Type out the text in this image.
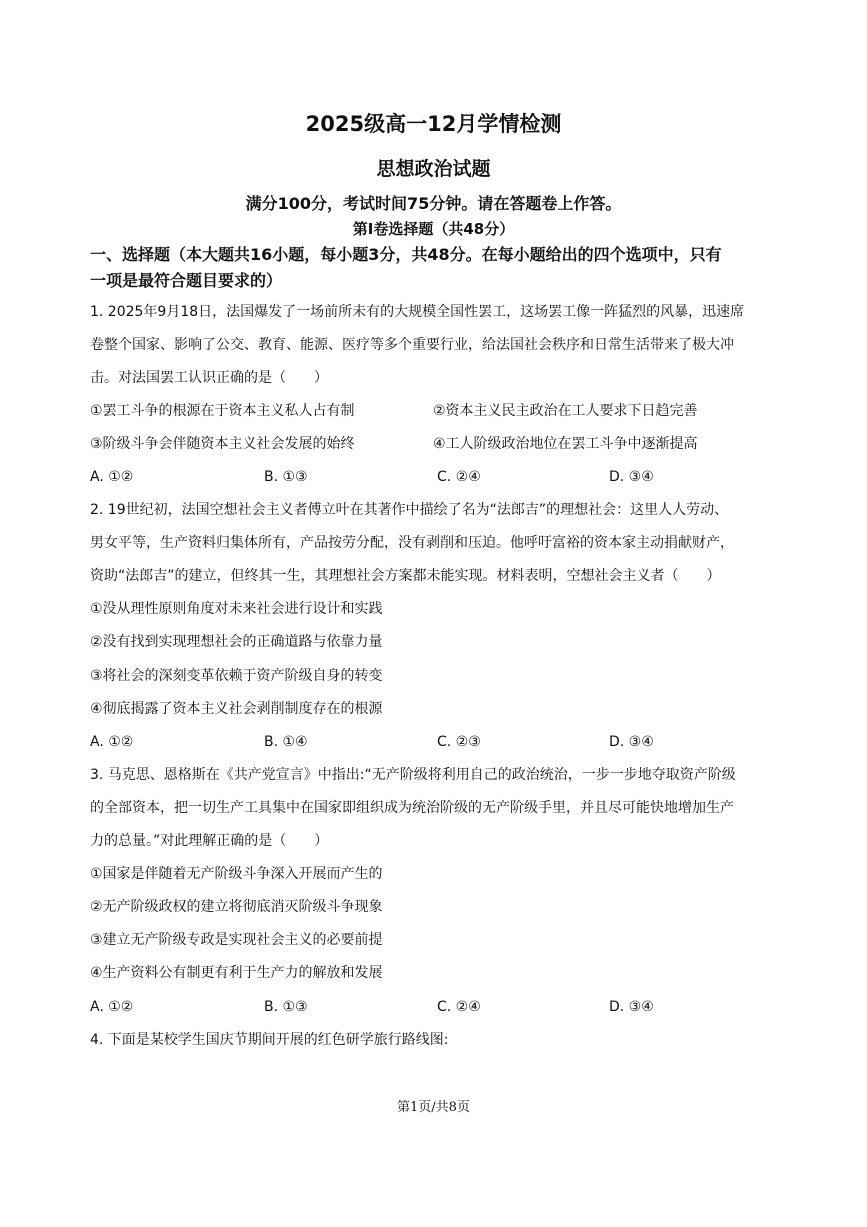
2025级高一12月学情检测
思想政治试题
满分100分，考试时间75分钟。请在答题卷上作答。
第Ⅰ卷选择题（共48分）
一、选择题（本大题共16小题，每小题3分，共48分。在每小题给出的四个选项中，只有
一项是最符合题目要求的）
1. 2025年9月18日，法国爆发了一场前所未有的大规模全国性罢工，这场罢工像一阵猛烈的风暴，迅速席
卷整个国家、影响了公交、教育、能源、医疗等多个重要行业，给法国社会秩序和日常生活带来了极大冲
击。对法国罢工认识正确的是（　　）
①罢工斗争的根源在于资本主义私人占有制	②资本主义民主政治在工人要求下日趋完善
③阶级斗争会伴随资本主义社会发展的始终	④工人阶级政治地位在罢工斗争中逐渐提高
A. ①②	B. ①③	C. ②④	D. ③④
2. 19世纪初，法国空想社会主义者傅立叶在其著作中描绘了名为“法郎吉”的理想社会：这里人人劳动、
男女平等，生产资料归集体所有，产品按劳分配，没有剥削和压迫。他呼吁富裕的资本家主动捐献财产，
资助“法郎吉”的建立，但终其一生，其理想社会方案都未能实现。材料表明，空想社会主义者（　　）
①没从理性原则角度对未来社会进行设计和实践
②没有找到实现理想社会的正确道路与依靠力量
③将社会的深刻变革依赖于资产阶级自身的转变
④彻底揭露了资本主义社会剥削制度存在的根源
A. ①②	B. ①④	C. ②③	D. ③④
3. 马克思、恩格斯在《共产党宣言》中指出:“无产阶级将利用自己的政治统治，一步一步地夺取资产阶级
的全部资本，把一切生产工具集中在国家即组织成为统治阶级的无产阶级手里，并且尽可能快地增加生产
力的总量。”对此理解正确的是（　　）
①国家是伴随着无产阶级斗争深入开展而产生的
②无产阶级政权的建立将彻底消灭阶级斗争现象
③建立无产阶级专政是实现社会主义的必要前提
④生产资料公有制更有利于生产力的解放和发展
A. ①②	B. ①③	C. ②④	D. ③④
4. 下面是某校学生国庆节期间开展的红色研学旅行路线图:
第1页/共8页
